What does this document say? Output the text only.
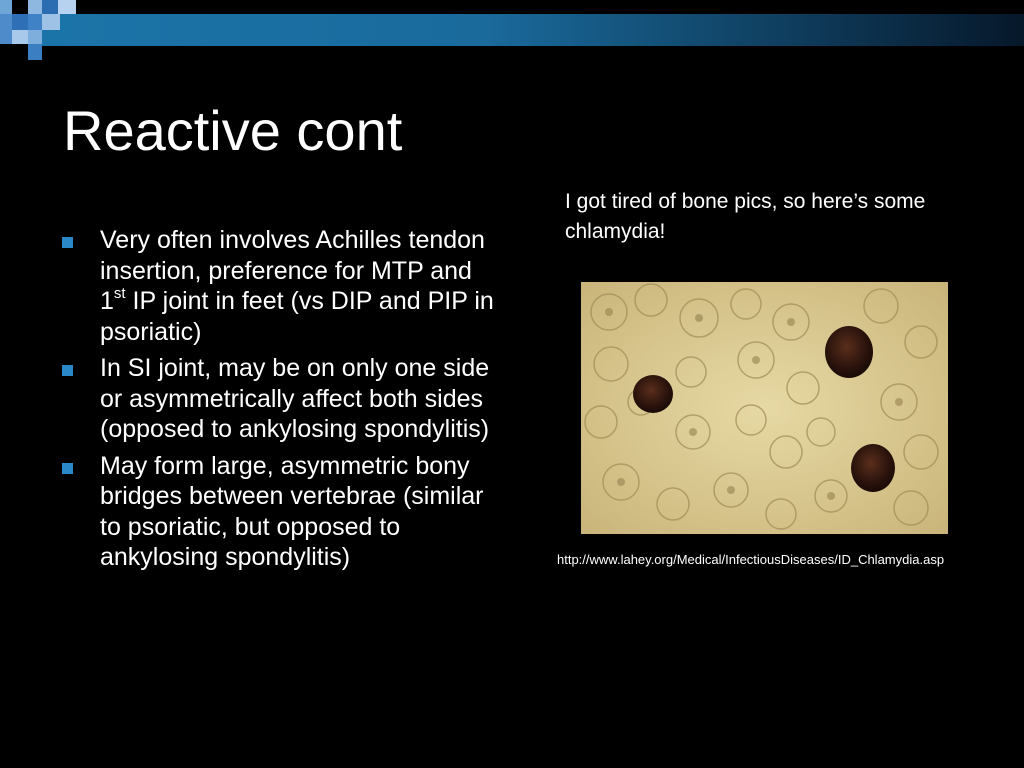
Reactive cont
Very often involves Achilles tendon insertion, preference for MTP and 1st IP joint in feet (vs DIP and PIP in psoriatic)
In SI joint, may be on only one side or asymmetrically affect both sides (opposed to ankylosing spondylitis)
May form large, asymmetric bony bridges between vertebrae (similar to psoriatic, but opposed to ankylosing spondylitis)
I got tired of bone pics, so here’s some chlamydia!
http://www.lahey.org/Medical/InfectiousDiseases/ID_Chlamydia.asp
